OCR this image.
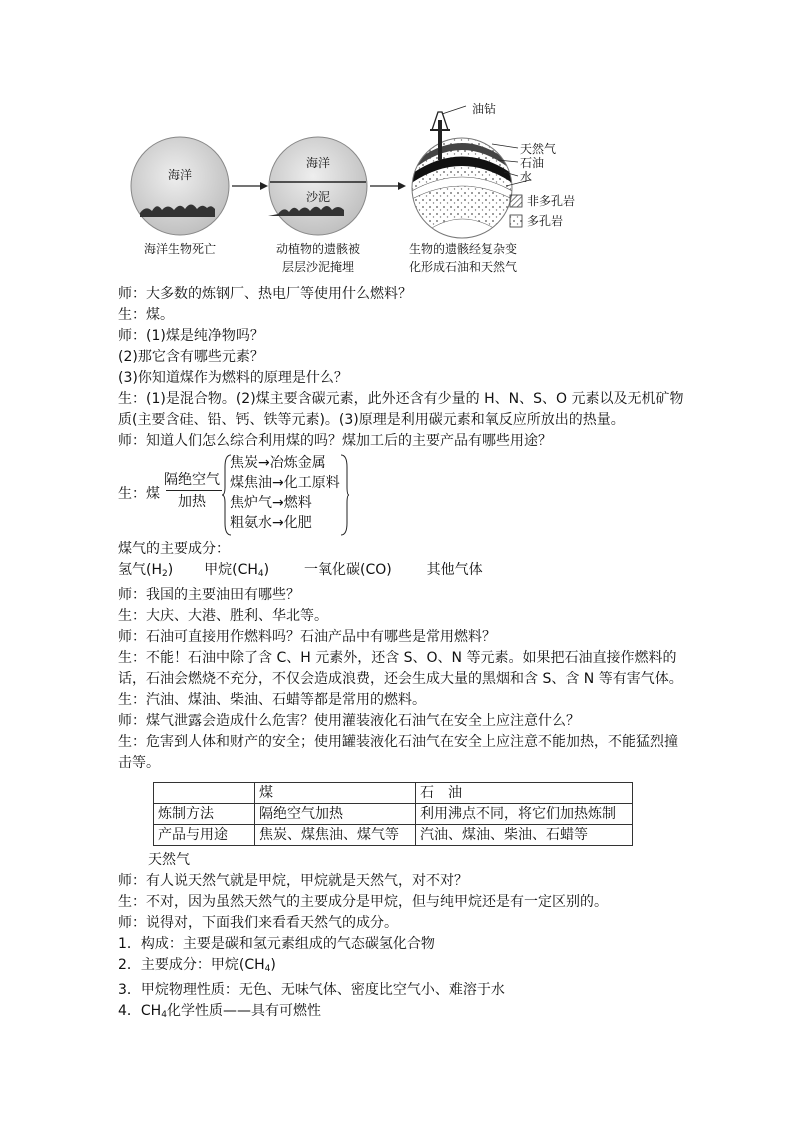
海洋
海洋
沙泥
油钻
天然气
石油
水
非多孔岩
多孔岩
海洋生物死亡	动植物的遗骸被
层层沙泥掩埋
生物的遗骸经复杂变
化形成石油和天然气

师：大多数的炼钢厂、热电厂等使用什么燃料？

生：煤。

师：(1)煤是纯净物吗？

(2)那它含有哪些元素？

(3)你知道煤作为燃料的原理是什么？

生：(1)是混合物。(2)煤主要含碳元素，此外还含有少量的 H、N、S、O 元素以及无机矿物质(主要含硅、铅、钙、铁等元素)。(3)原理是利用碳元素和氧反应所放出的热量。

师：知道人们怎么综合利用煤的吗？煤加工后的主要产品有哪些用途？

生：煤
隔绝空气
加热
焦炭→冶炼金属
煤焦油→化工原料
焦炉气→燃料
粗氨水→化肥

煤气的主要成分：

氢气$(H_2)$ 甲烷$(CH_4)$ 一氧化碳(CO) 其他气体

师：我国的主要油田有哪些？

生：大庆、大港、胜利、华北等。

师：石油可直接用作燃料吗？石油产品中有哪些是常用燃料？

生：不能！石油中除了含 C、H 元素外，还含 S、O、N 等元素。如果把石油直接作燃料的话，石油会燃烧不充分，不仅会造成浪费，还会生成大量的黑烟和含 S、含 N 等有害气体。

生：汽油、煤油、柴油、石蜡等都是常用的燃料。

师：煤气泄露会造成什么危害？使用灌装液化石油气在安全上应注意什么？

生：危害到人体和财产的安全；使用罐装液化石油气在安全上应注意不能加热，不能猛烈撞击等。

	煤	石　油
炼制方法	隔绝空气加热	利用沸点不同，将它们加热炼制
产品与用途	焦炭、煤焦油、煤气等	汽油、煤油、柴油、石蜡等

天然气

师：有人说天然气就是甲烷，甲烷就是天然气，对不对？

生：不对，因为虽然天然气的主要成分是甲烷，但与纯甲烷还是有一定区别的。

师：说得对，下面我们来看看天然气的成分。

1．构成：主要是碳和氢元素组成的气态碳氢化合物

2．主要成分：甲烷$(CH_4)$

3．甲烷物理性质：无色、无味气体、密度比空气小、难溶于水

4．$CH_4$化学性质——具有可燃性
